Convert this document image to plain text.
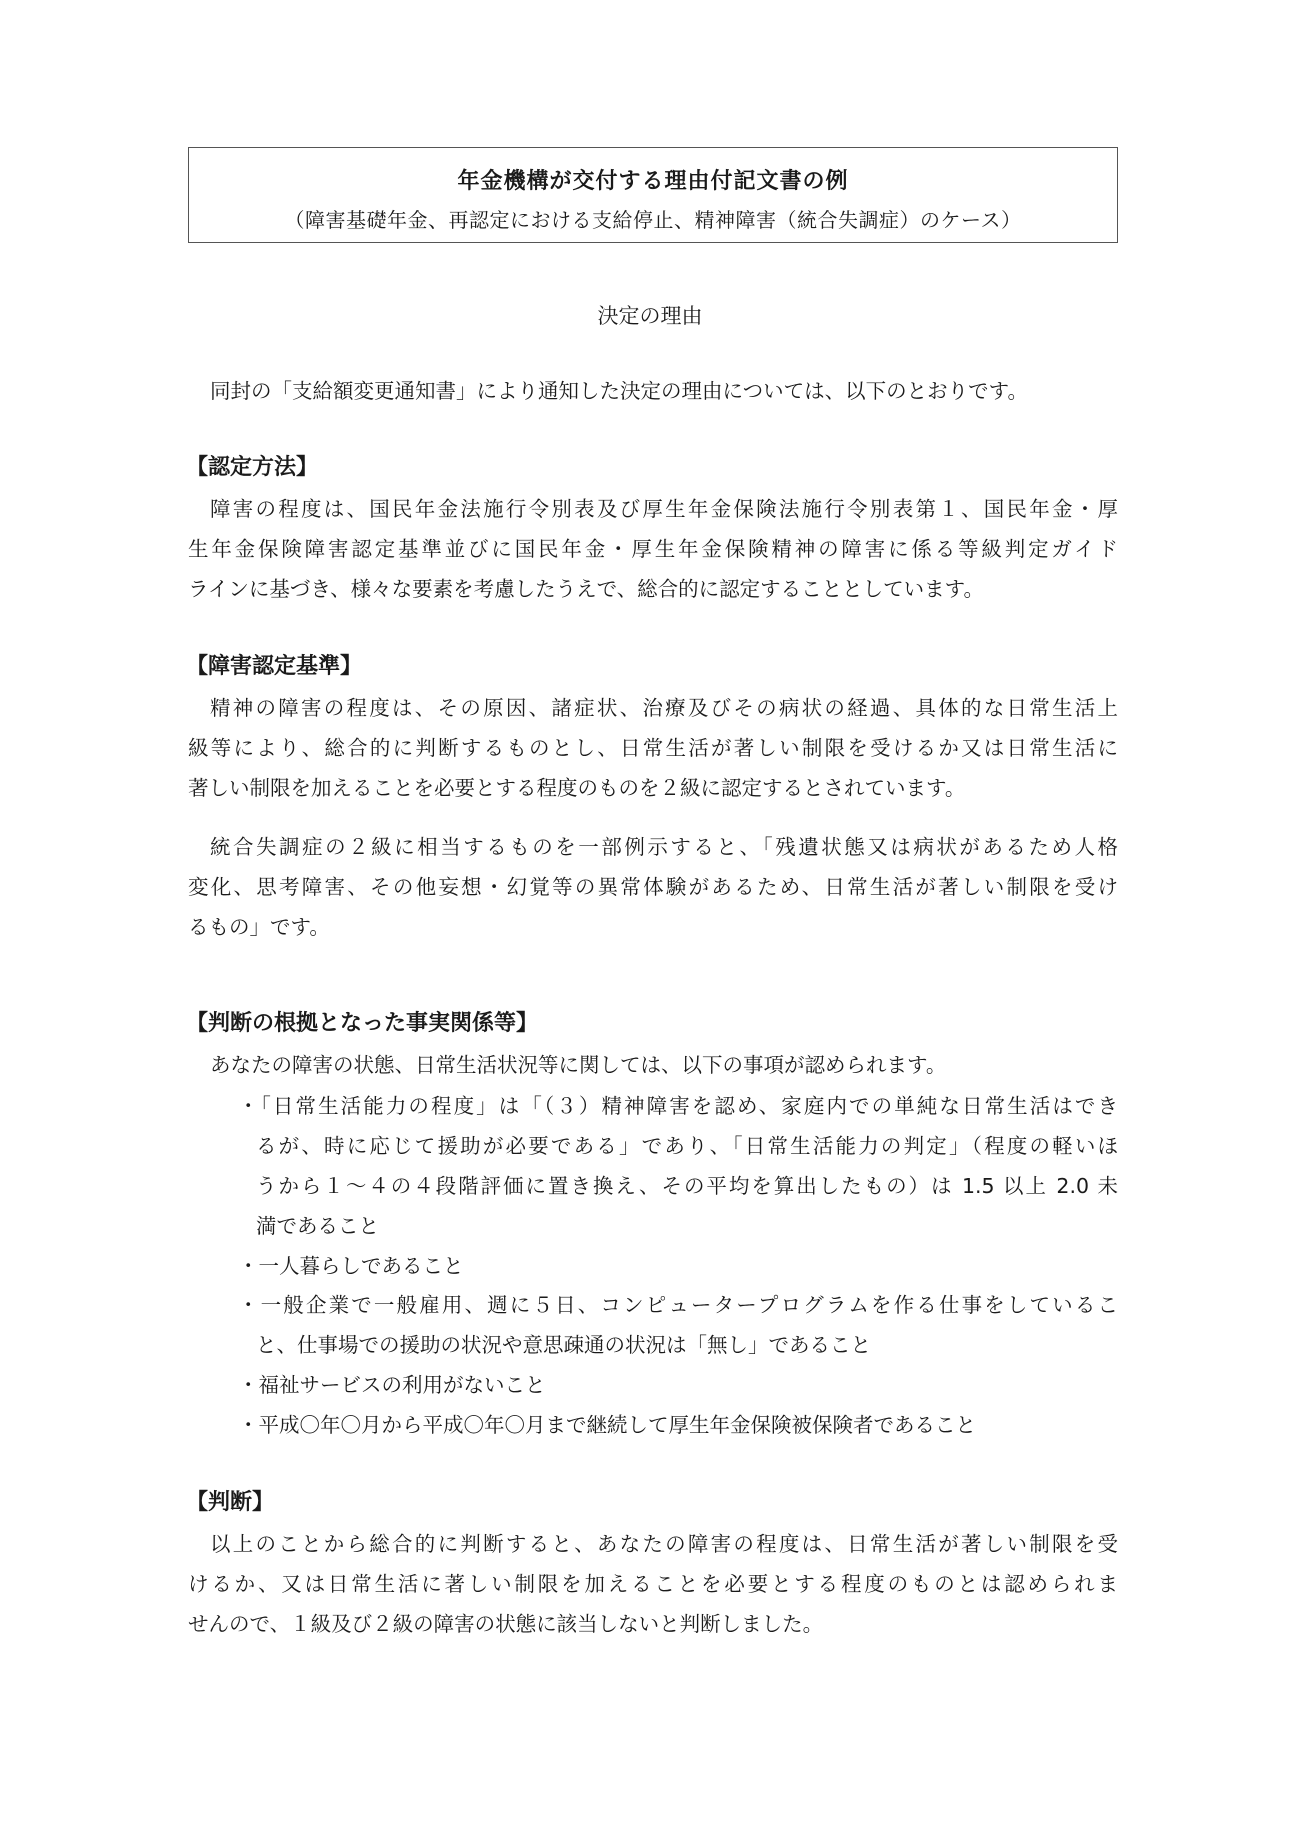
年金機構が交付する理由付記文書の例
（障害基礎年金、再認定における支給停止、精神障害（統合失調症）のケース）
決定の理由
同封の「支給額変更通知書」により通知した決定の理由については、以下のとおりです。
【認定方法】
障害の程度は、国民年金法施行令別表及び厚生年金保険法施行令別表第１、国民年金・厚
生年金保険障害認定基準並びに国民年金・厚生年金保険精神の障害に係る等級判定ガイド
ラインに基づき、様々な要素を考慮したうえで、総合的に認定することとしています。
【障害認定基準】
精神の障害の程度は、その原因、諸症状、治療及びその病状の経過、具体的な日常生活上
級等により、総合的に判断するものとし、日常生活が著しい制限を受けるか又は日常生活に
著しい制限を加えることを必要とする程度のものを２級に認定するとされています。
統合失調症の２級に相当するものを一部例示すると、「残遺状態又は病状があるため人格
変化、思考障害、その他妄想・幻覚等の異常体験があるため、日常生活が著しい制限を受け
るもの」です。
【判断の根拠となった事実関係等】
あなたの障害の状態、日常生活状況等に関しては、以下の事項が認められます。
・「日常生活能力の程度」は「（３）精神障害を認め、家庭内での単純な日常生活はでき
るが、時に応じて援助が必要である」であり、「日常生活能力の判定」（程度の軽いほ
うから１～４の４段階評価に置き換え、その平均を算出したもの）は 1.5 以上 2.0 未
満であること
・一人暮らしであること
・一般企業で一般雇用、週に５日、コンピュータープログラムを作る仕事をしているこ
と、仕事場での援助の状況や意思疎通の状況は「無し」であること
・福祉サービスの利用がないこと
・平成〇年〇月から平成〇年〇月まで継続して厚生年金保険被保険者であること
【判断】
以上のことから総合的に判断すると、あなたの障害の程度は、日常生活が著しい制限を受
けるか、又は日常生活に著しい制限を加えることを必要とする程度のものとは認められま
せんので、１級及び２級の障害の状態に該当しないと判断しました。
